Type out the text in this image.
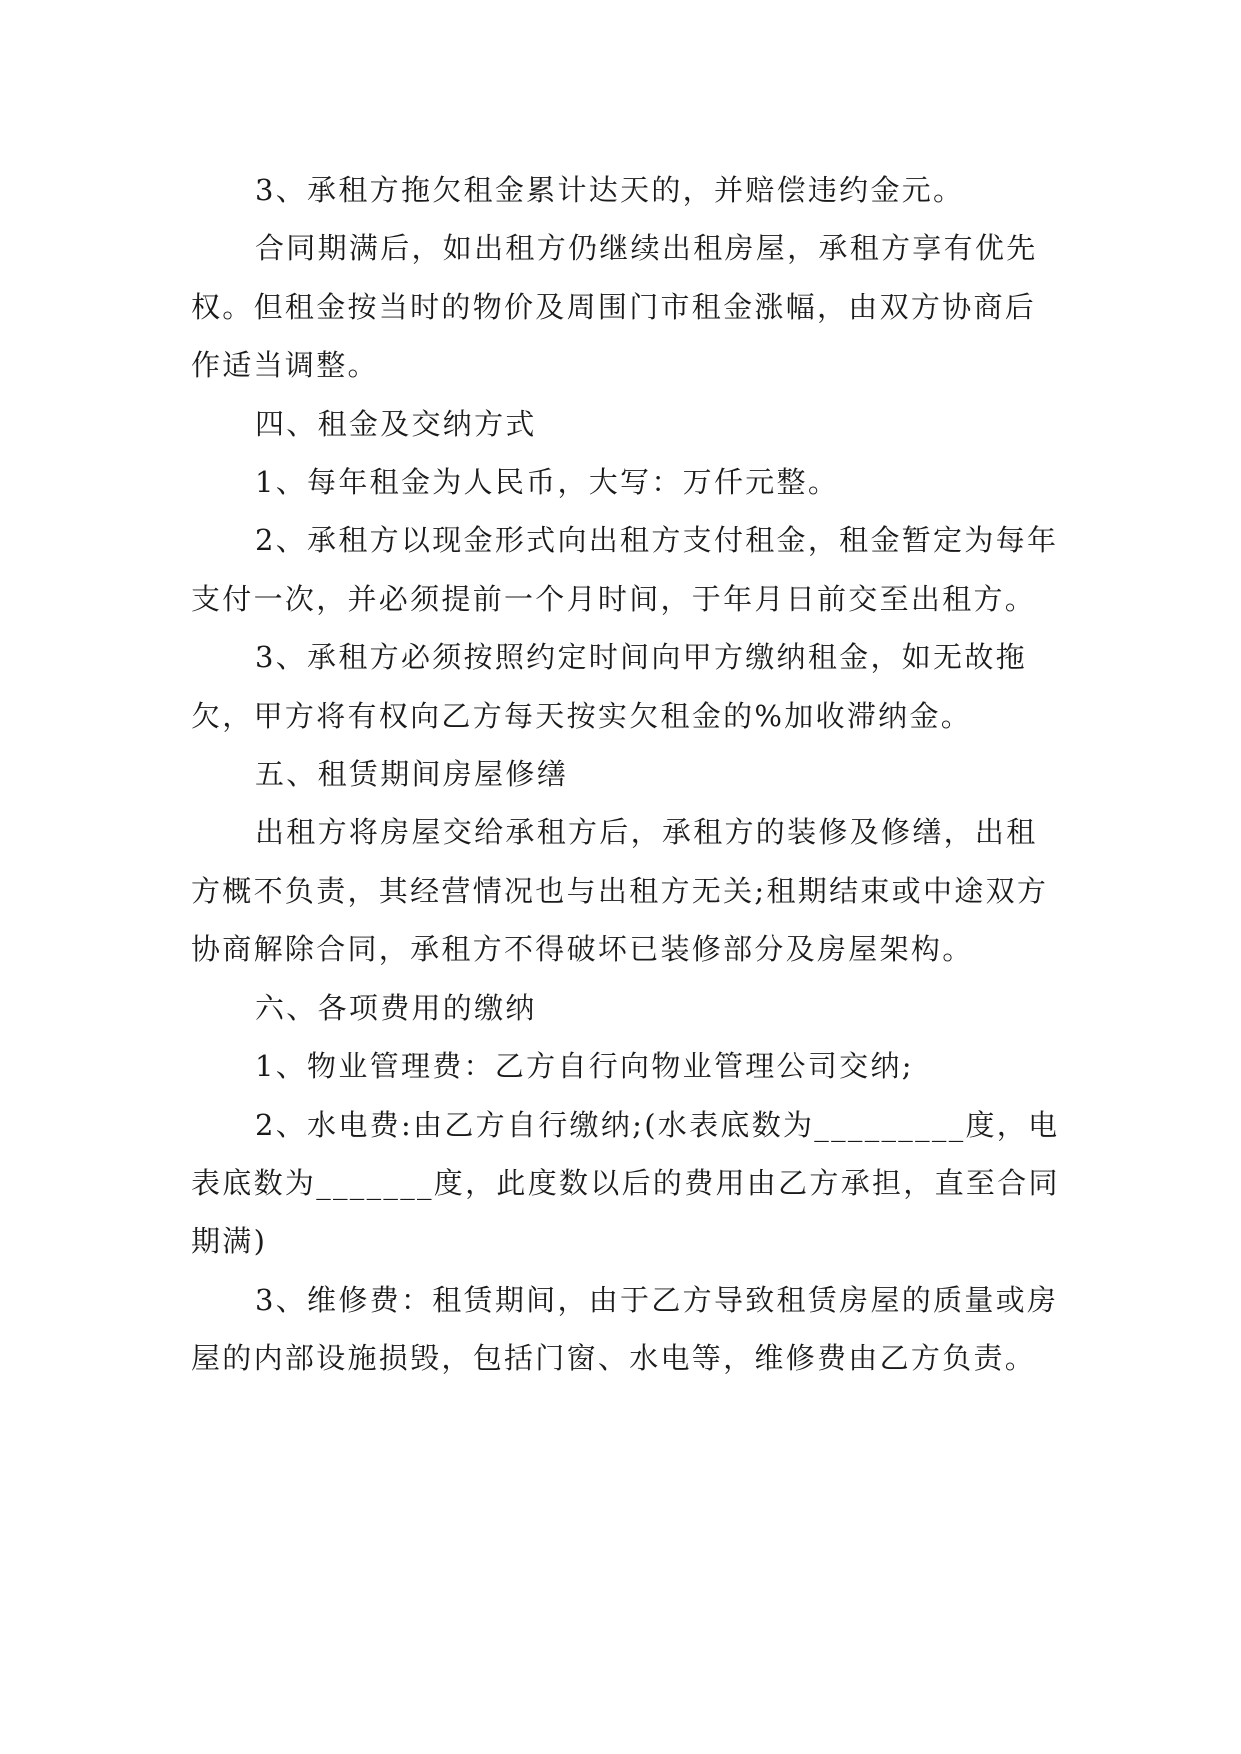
3、承租方拖欠租金累计达天的，并赔偿违约金元。

合同期满后，如出租方仍继续出租房屋，承租方享有优先权。但租金按当时的物价及周围门市租金涨幅，由双方协商后作适当调整。

四、租金及交纳方式

1、每年租金为人民币，大写：万仟元整。

2、承租方以现金形式向出租方支付租金，租金暂定为每年支付一次，并必须提前一个月时间，于年月日前交至出租方。

3、承租方必须按照约定时间向甲方缴纳租金，如无故拖欠，甲方将有权向乙方每天按实欠租金的%加收滞纳金。

五、租赁期间房屋修缮

出租方将房屋交给承租方后，承租方的装修及修缮，出租方概不负责，其经营情况也与出租方无关;租期结束或中途双方协商解除合同，承租方不得破坏已装修部分及房屋架构。

六、各项费用的缴纳

1、物业管理费：乙方自行向物业管理公司交纳;

2、水电费:由乙方自行缴纳;(水表底数为_________度，电表底数为_______度，此度数以后的费用由乙方承担，直至合同期满)

3、维修费：租赁期间，由于乙方导致租赁房屋的质量或房屋的内部设施损毁，包括门窗、水电等，维修费由乙方负责。
